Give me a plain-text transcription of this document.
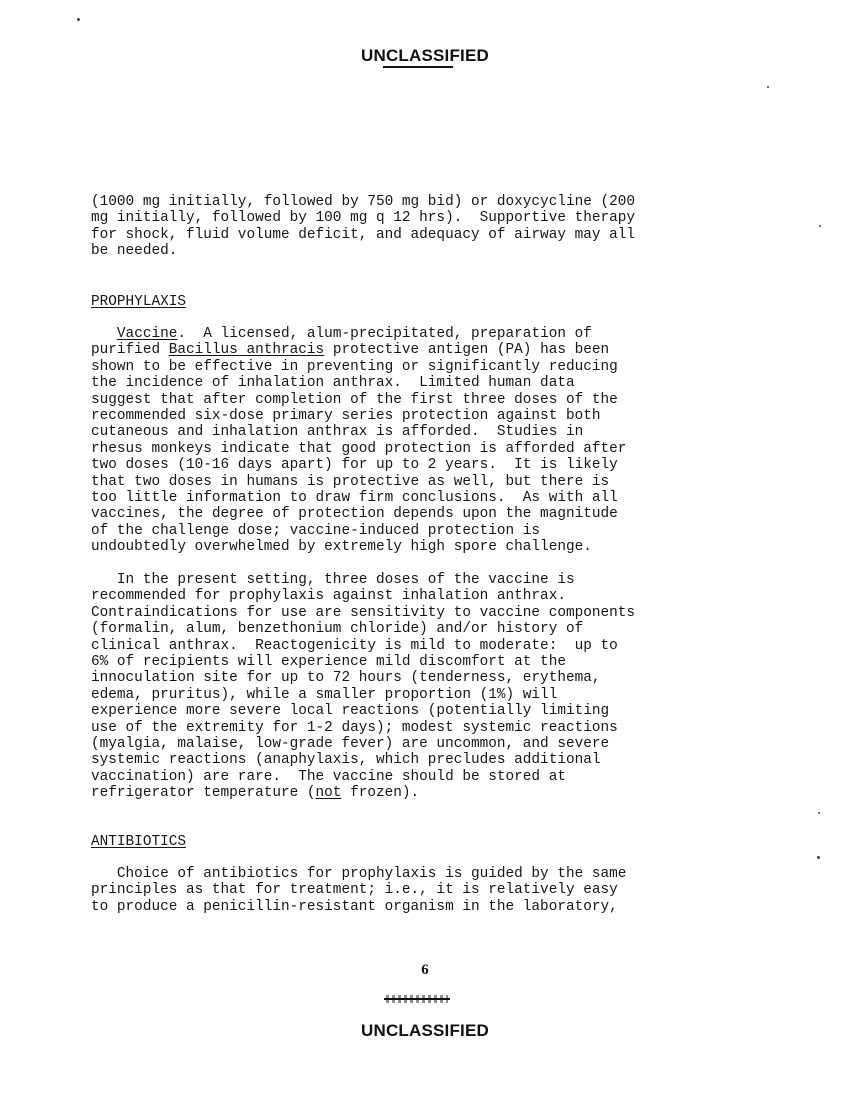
UNCLASSIFIED
(1000 mg initially, followed by 750 mg bid) or doxycycline (200
mg initially, followed by 100 mg q 12 hrs).  Supportive therapy
for shock, fluid volume deficit, and adequacy of airway may all
be needed.
PROPHYLAXIS
Vaccine.  A licensed, alum-precipitated, preparation of
purified Bacillus anthracis protective antigen (PA) has been
shown to be effective in preventing or significantly reducing
the incidence of inhalation anthrax.  Limited human data
suggest that after completion of the first three doses of the
recommended six-dose primary series protection against both
cutaneous and inhalation anthrax is afforded.  Studies in
rhesus monkeys indicate that good protection is afforded after
two doses (10-16 days apart) for up to 2 years.  It is likely
that two doses in humans is protective as well, but there is
too little information to draw firm conclusions.  As with all
vaccines, the degree of protection depends upon the magnitude
of the challenge dose; vaccine-induced protection is
undoubtedly overwhelmed by extremely high spore challenge.
In the present setting, three doses of the vaccine is
recommended for prophylaxis against inhalation anthrax.
Contraindications for use are sensitivity to vaccine components
(formalin, alum, benzethonium chloride) and/or history of
clinical anthrax.  Reactogenicity is mild to moderate:  up to
6% of recipients will experience mild discomfort at the
innoculation site for up to 72 hours (tenderness, erythema,
edema, pruritus), while a smaller proportion (1%) will
experience more severe local reactions (potentially limiting
use of the extremity for 1-2 days); modest systemic reactions
(myalgia, malaise, low-grade fever) are uncommon, and severe
systemic reactions (anaphylaxis, which precludes additional
vaccination) are rare.  The vaccine should be stored at
refrigerator temperature (not frozen).
ANTIBIOTICS
Choice of antibiotics for prophylaxis is guided by the same
principles as that for treatment; i.e., it is relatively easy
to produce a penicillin-resistant organism in the laboratory,
6
UNCLASSIFIED
